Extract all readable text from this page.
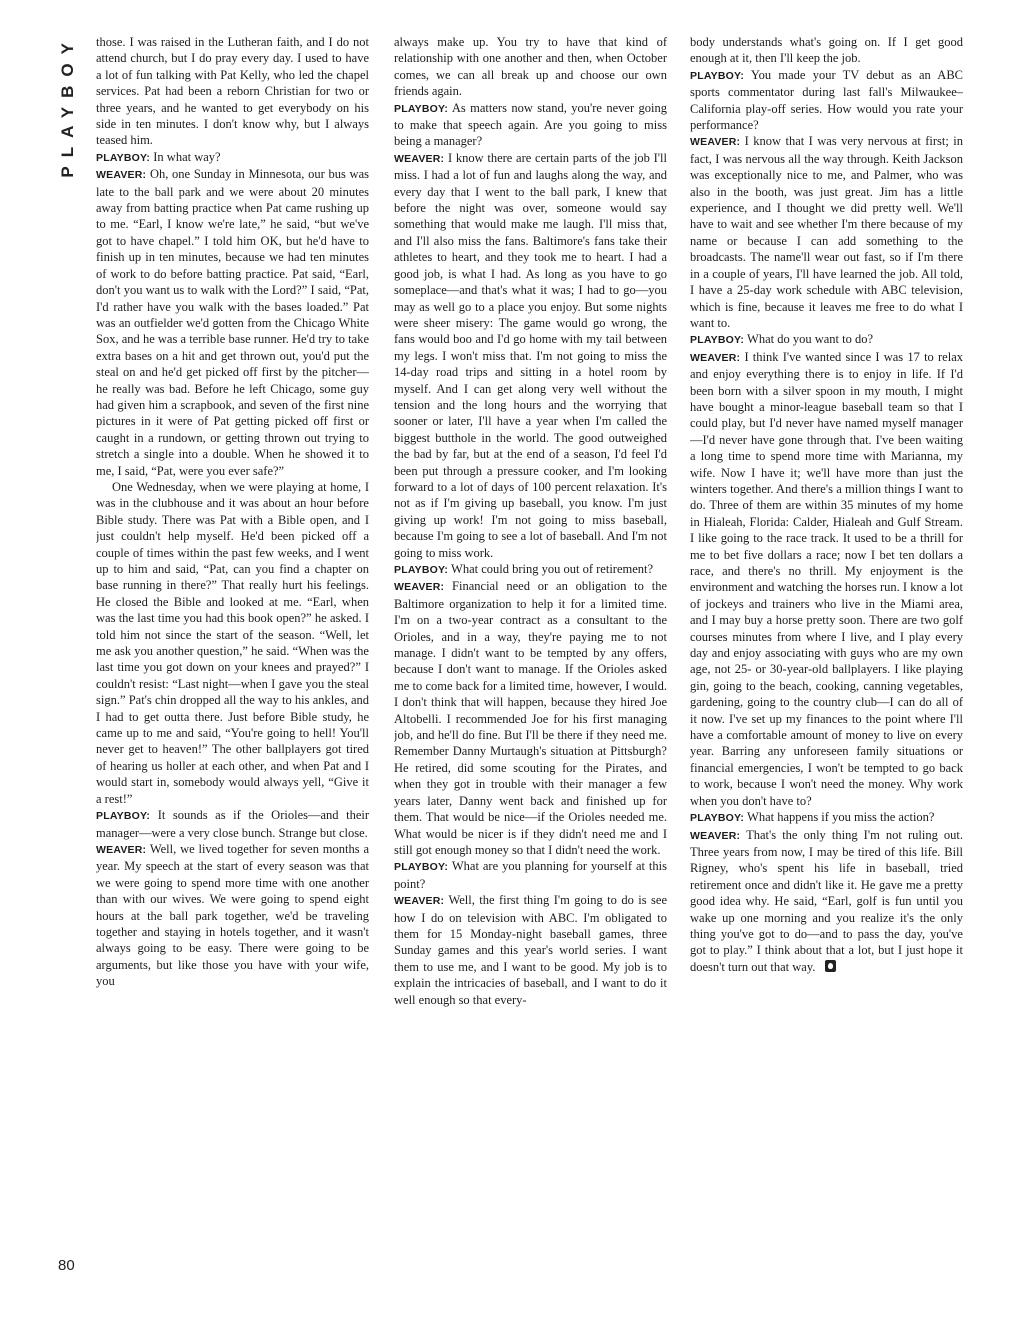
PLAYBOY those. I was raised in the Lutheran faith, and I do not attend church, but I do pray every day. I used to have a lot of fun talking with Pat Kelly, who led the chapel services. Pat had been a reborn Christian for two or three years, and he wanted to get everybody on his side in ten minutes. I don't know why, but I always teased him.

PLAYBOY: In what way?

WEAVER: Oh, one Sunday in Minnesota, our bus was late to the ball park and we were about 20 minutes away from batting practice when Pat came rushing up to me. “Earl, I know we're late,” he said, “but we've got to have chapel.” I told him OK, but he'd have to finish up in ten minutes, because we had ten minutes of work to do before batting practice. Pat said, “Earl, don't you want us to walk with the Lord?” I said, “Pat, I'd rather have you walk with the bases loaded.” Pat was an outfielder we'd gotten from the Chicago White Sox, and he was a terrible base runner. He'd try to take extra bases on a hit and get thrown out, you'd put the steal on and he'd get picked off first by the pitcher—he really was bad. Before he left Chicago, some guy had given him a scrapbook, and seven of the first nine pictures in it were of Pat getting picked off first or caught in a rundown, or getting thrown out trying to stretch a single into a double. When he showed it to me, I said, “Pat, were you ever safe?”

One Wednesday, when we were playing at home, I was in the clubhouse and it was about an hour before Bible study. There was Pat with a Bible open, and I just couldn't help myself. He'd been picked off a couple of times within the past few weeks, and I went up to him and said, “Pat, can you find a chapter on base running in there?” That really hurt his feelings. He closed the Bible and looked at me. “Earl, when was the last time you had this book open?” he asked. I told him not since the start of the season. “Well, let me ask you another question,” he said. “When was the last time you got down on your knees and prayed?” I couldn't resist: “Last night—when I gave you the steal sign.” Pat's chin dropped all the way to his ankles, and I had to get outta there. Just before Bible study, he came up to me and said, “You're going to hell! You'll never get to heaven!” The other ballplayers got tired of hearing us holler at each other, and when Pat and I would start in, somebody would always yell, “Give it a rest!”

PLAYBOY: It sounds as if the Orioles—and their manager—were a very close bunch. Strange but close.

WEAVER: Well, we lived together for seven months a year. My speech at the start of every season was that we were going to spend more time with one another than with our wives. We were going to spend eight hours at the ball park together, we'd be traveling together and staying in hotels together, and it wasn't always going to be easy. There were going to be arguments, but like those you have with your wife, you

always make up. You try to have that kind of relationship with one another and then, when October comes, we can all break up and choose our own friends again.

PLAYBOY: As matters now stand, you're never going to make that speech again. Are you going to miss being a manager?

WEAVER: I know there are certain parts of the job I'll miss. I had a lot of fun and laughs along the way, and every day that I went to the ball park, I knew that before the night was over, someone would say something that would make me laugh. I'll miss that, and I'll also miss the fans. Baltimore's fans take their athletes to heart, and they took me to heart. I had a good job, is what I had. As long as you have to go someplace—and that's what it was; I had to go—you may as well go to a place you enjoy. But some nights were sheer misery: The game would go wrong, the fans would boo and I'd go home with my tail between my legs. I won't miss that. I'm not going to miss the 14-day road trips and sitting in a hotel room by myself. And I can get along very well without the tension and the long hours and the worrying that sooner or later, I'll have a year when I'm called the biggest butthole in the world. The good outweighed the bad by far, but at the end of a season, I'd feel I'd been put through a pressure cooker, and I'm looking forward to a lot of days of 100 percent relaxation. It's not as if I'm giving up baseball, you know. I'm just giving up work! I'm not going to miss baseball, because I'm going to see a lot of baseball. And I'm not going to miss work.

PLAYBOY: What could bring you out of retirement?

WEAVER: Financial need or an obligation to the Baltimore organization to help it for a limited time. I'm on a two-year contract as a consultant to the Orioles, and in a way, they're paying me to not manage. I didn't want to be tempted by any offers, because I don't want to manage. If the Orioles asked me to come back for a limited time, however, I would. I don't think that will happen, because they hired Joe Altobelli. I recommended Joe for his first managing job, and he'll do fine. But I'll be there if they need me. Remember Danny Murtaugh's situation at Pittsburgh? He retired, did some scouting for the Pirates, and when they got in trouble with their manager a few years later, Danny went back and finished up for them. That would be nice—if the Orioles needed me. What would be nicer is if they didn't need me and I still got enough money so that I didn't need the work.

PLAYBOY: What are you planning for yourself at this point?

WEAVER: Well, the first thing I'm going to do is see how I do on television with ABC. I'm obligated to them for 15 Monday-night baseball games, three Sunday games and this year's world series. I want them to use me, and I want to be good. My job is to explain the intricacies of baseball, and I want to do it well enough so that every-

body understands what's going on. If I get good enough at it, then I'll keep the job.

PLAYBOY: You made your TV debut as an ABC sports commentator during last fall's Milwaukee–California play-off series. How would you rate your performance?

WEAVER: I know that I was very nervous at first; in fact, I was nervous all the way through. Keith Jackson was exceptionally nice to me, and Palmer, who was also in the booth, was just great. Jim has a little experience, and I thought we did pretty well. We'll have to wait and see whether I'm there because of my name or because I can add something to the broadcasts. The name'll wear out fast, so if I'm there in a couple of years, I'll have learned the job. All told, I have a 25-day work schedule with ABC television, which is fine, because it leaves me free to do what I want to.

PLAYBOY: What do you want to do?

WEAVER: I think I've wanted since I was 17 to relax and enjoy everything there is to enjoy in life. If I'd been born with a silver spoon in my mouth, I might have bought a minor-league baseball team so that I could play, but I'd never have named myself manager—I'd never have gone through that. I've been waiting a long time to spend more time with Marianna, my wife. Now I have it; we'll have more than just the winters together. And there's a million things I want to do. Three of them are within 35 minutes of my home in Hialeah, Florida: Calder, Hialeah and Gulf Stream. I like going to the race track. It used to be a thrill for me to bet five dollars a race; now I bet ten dollars a race, and there's no thrill. My enjoyment is the environment and watching the horses run. I know a lot of jockeys and trainers who live in the Miami area, and I may buy a horse pretty soon. There are two golf courses minutes from where I live, and I play every day and enjoy associating with guys who are my own age, not 25- or 30-year-old ballplayers. I like playing gin, going to the beach, cooking, canning vegetables, gardening, going to the country club—I can do all of it now. I've set up my finances to the point where I'll have a comfortable amount of money to live on every year. Barring any unforeseen family situations or financial emergencies, I won't be tempted to go back to work, because I won't need the money. Why work when you don't have to?

PLAYBOY: What happens if you miss the action?

WEAVER: That's the only thing I'm not ruling out. Three years from now, I may be tired of this life. Bill Rigney, who's spent his life in baseball, tried retirement once and didn't like it. He gave me a pretty good idea why. He said, “Earl, golf is fun until you wake up one morning and you realize it's the only thing you've got to do—and to pass the day, you've got to play.” I think about that a lot, but I just hope it doesn't turn out that way.

80
